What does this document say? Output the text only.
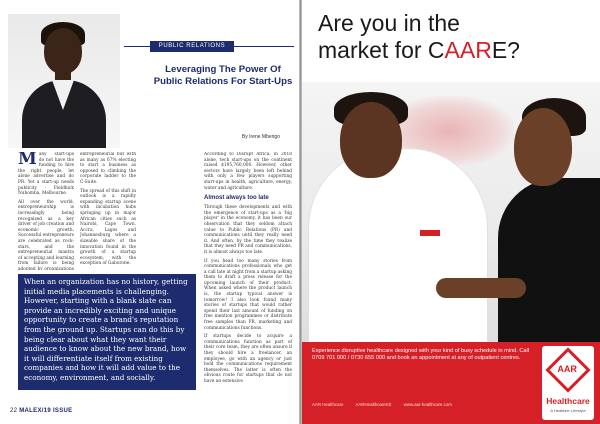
PUBLIC RELATIONS
Leveraging The Power Of Public Relations For Start-Ups
By Irene Mbengo

Many start-ups do not have the funding to hire the right people, let alone advertise and do PR. Yet a start-up needs publicity - Fieldhick Nubomba, Melbourne.

All over the world, entrepreneurship is increasingly being recognized as a key driver of job creation and economic growth. Successful entrepreneurs are celebrated as rock-stars, and the entrepreneurial mantra of accepting and learning from failure is being adopted by organizations

entrepreneurial but with as many as 67% electing to start a business as opposed to climbing the corporate ladder to the C-Suite.

The spread of this shift in outlook is a rapidly expanding startup scene with incubation hubs springing up in major African cities such as Nairobi, Cape Town, Accra, Lagos and Johannesburg where a sizeable share of the innovation found in the growth of a startup ecosystem, with the exception of Gaborone.

According to Disrupt Africa, in 2018 alone, tech start-ups on the continent raised $195,760,000. However, other sectors have largely been left behind with only a few players supporting start-ups in health, agriculture, energy, water and agriculture.

Almost always too late

Through these developments and with the emergence of start-ups as a 'big player' in the economy, it has been our observation that they seldom attach value to Public Relations (PR) and communications until they really need it. And often, by the time they realize that they need PR and communications, it is almost always too late.

If you head too many stories from communications professionals who get a call late at night from a startup asking them to draft a press release for the upcoming launch of their product. When asked where the product launch is, the startup typical answer is tomorrow! I also look found many stories of startups that would rather spend their last amount of funding on free mention programmes or distribute free samples than PR, marketing and communications functions.

If startups decide to acquire a communications function as part of their core team, they are often unsure if they should hire a freelancer, an employee, go with an agency or just hold the communications requirement themselves. The latter is often the obvious route for startups that do not have an extensive

When an organization has no history, getting initial media placements is challenging. However, starting with a blank slate can provide an incredibly exciting and unique opportunity to create a brand's reputation from the ground up. Startups can do this by being clear about what they want their audience to know about the new brand, how it will differentiate itself from existing companies and how it will add value to the economy, environment, and socially.
22 MALEX/19 ISSUE
Are you in the
market for CAARE?
Experience disruptive healthcare designed with your kind of busy schedule in mind. Call 0709 701 000 / 0730 655 000 and book an appointment at any of outpatient centres.
AAR Healthcare	AARHealthcareKE	www.aar-healthcare.com
AAR
Healthcare
A Healthier Lifestyle
